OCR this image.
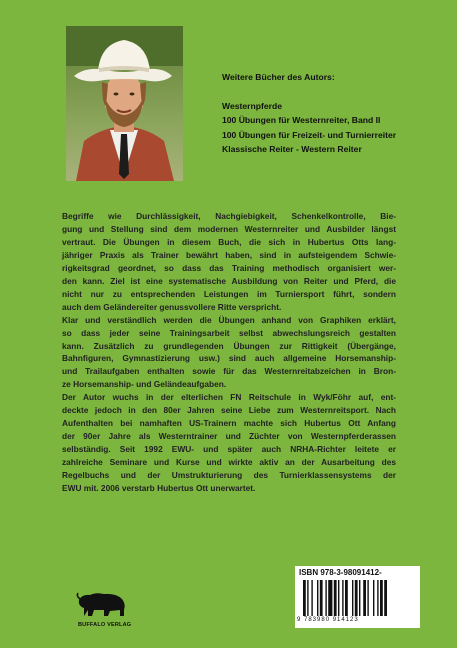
Weitere Bücher des Autors:
Westernpferde
100 Übungen für Westernreiter, Band II
100 Übungen für Freizeit- und Turnierreiter
Klassische Reiter - Western Reiter

Begriffe wie Durchlässigkeit, Nachgiebigkeit, Schenkelkontrolle, Bie-
gung und Stellung sind dem modernen Westernreiter und Ausbilder längst
vertraut. Die Übungen in diesem Buch, die sich in Hubertus Otts lang-
jähriger Praxis als Trainer bewährt haben, sind in aufsteigendem Schwie-
rigkeitsgrad geordnet, so dass das Training methodisch organisiert wer-
den kann. Ziel ist eine systematische Ausbildung von Reiter und Pferd, die
nicht nur zu entsprechenden Leistungen im Turniersport führt, sondern
auch dem Geländereiter genussvollere Ritte verspricht.

Klar und verständlich werden die Übungen anhand von Graphiken erklärt,
so dass jeder seine Trainingsarbeit selbst abwechslungsreich gestalten
kann. Zusätzlich zu grundlegenden Übungen zur Rittigkeit (Übergänge,
Bahnfiguren, Gymnastizierung usw.) sind auch allgemeine Horsemanship-
und Trailaufgaben enthalten sowie für das Westernreitabzeichen in Bron-
ze Horsemanship- und Geländeaufgaben.

Der Autor wuchs in der elterlichen FN Reitschule in Wyk/Föhr auf, ent-
deckte jedoch in den 80er Jahren seine Liebe zum Westernreitsport. Nach
Aufenthalten bei namhaften US-Trainern machte sich Hubertus Ott Anfang
der 90er Jahre als Westerntrainer und Züchter von Westernpferderassen
selbständig. Seit 1992 EWU- und später auch NRHA-Richter leitete er
zahlreiche Seminare und Kurse und wirkte aktiv an der Ausarbeitung des
Regelbuchs und der Umstrukturierung des Turnierklassensystems der
EWU mit. 2006 verstarb Hubertus Ott unerwartet.

BUFFALO VERLAG
ISBN 978-3-98091412-
9 783980 914123
